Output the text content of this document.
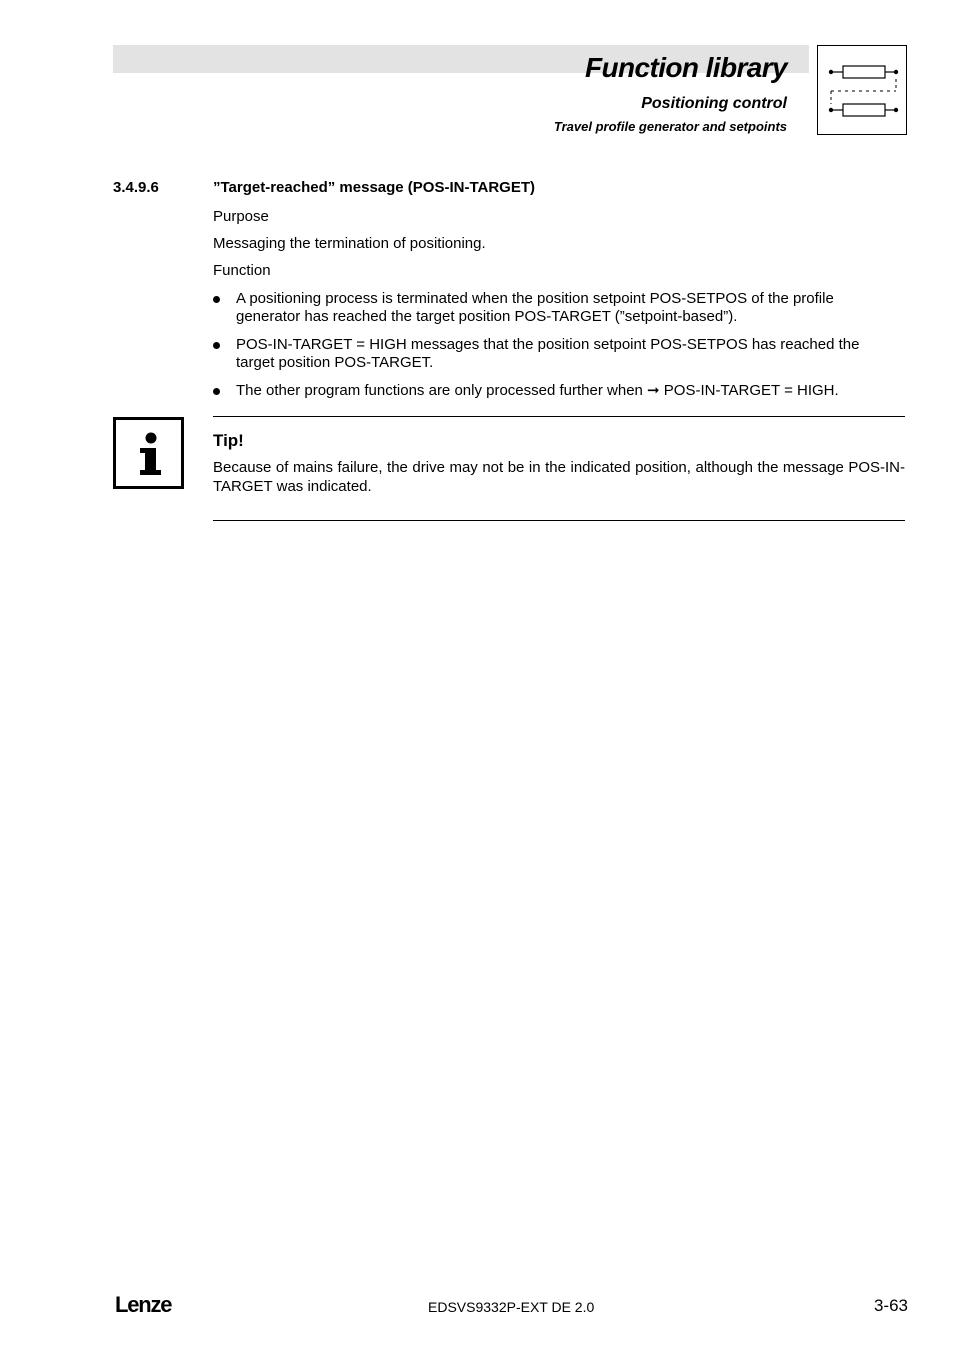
Function library
Positioning control
Travel profile generator and setpoints
3.4.9.6	”Target-reached” message (POS-IN-TARGET)
Purpose
Messaging the termination of positioning.
Function
A positioning process is terminated when the position setpoint POS-SETPOS of the profile
generator has reached the target position POS-TARGET (”setpoint-based”).
POS-IN-TARGET = HIGH messages that the position setpoint POS-SETPOS has reached the
target position POS-TARGET.
The other program functions are only processed further when ➞ POS-IN-TARGET = HIGH.
Tip!
Because of mains failure, the drive may not be in the indicated position, although the message POS-IN-TARGET was indicated.
Lenze	EDSVS9332P-EXT DE 2.0	3-63
